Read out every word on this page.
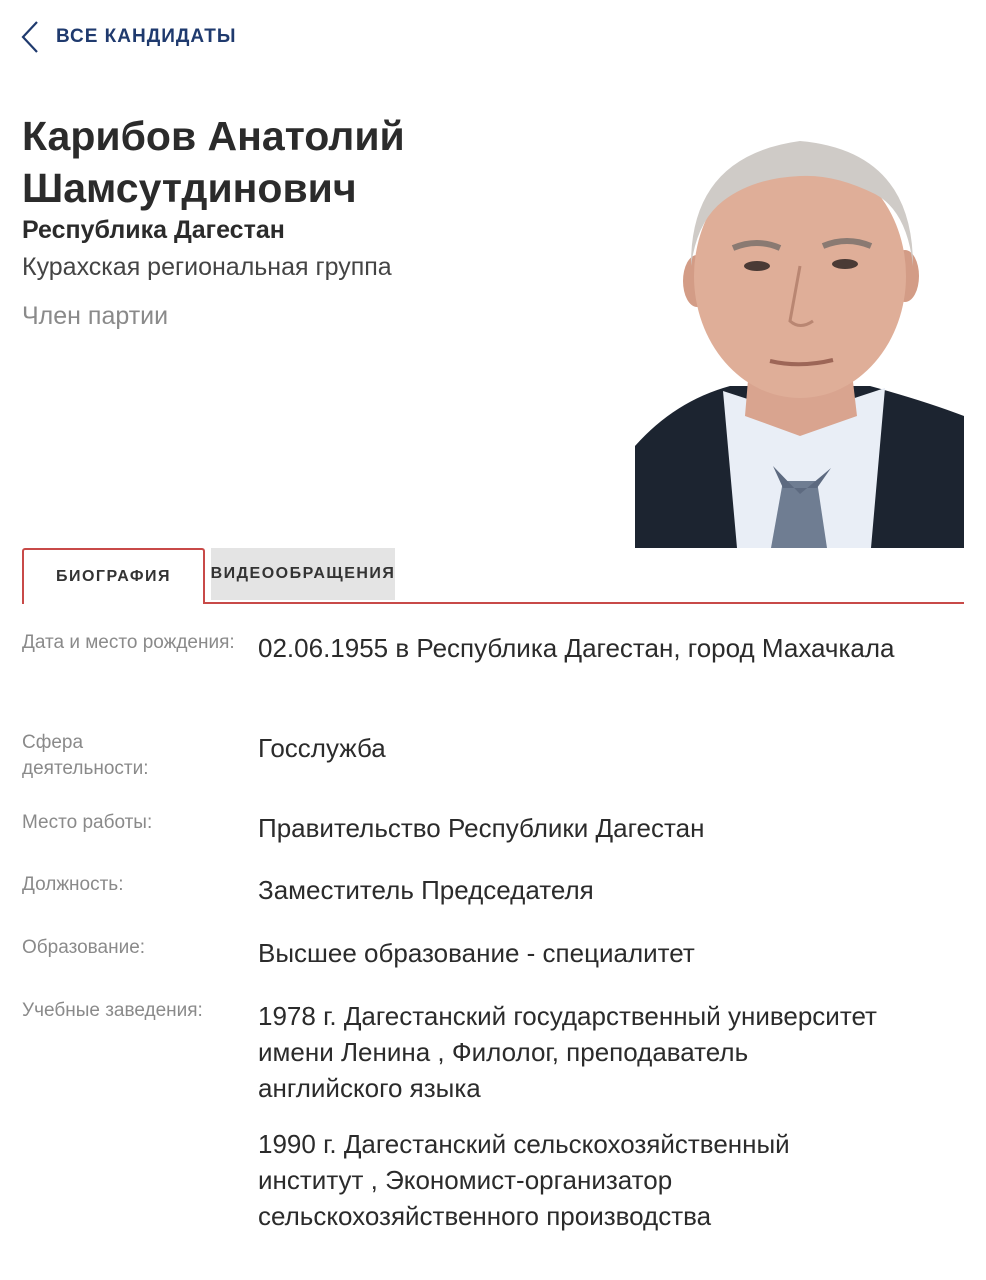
ВСЕ КАНДИДАТЫ
Карибов Анатолий Шамсутдинович
Республика Дагестан
Курахская региональная группа
Член партии
БИОГРАФИЯ	ВИДЕООБРАЩЕНИЯ
Дата и место рождения: 02.06.1955 в Республика Дагестан, город Махачкала
Сфера деятельности:
Госслужба
Место работы:	Правительство Республики Дагестан
Должность:	Заместитель Председателя
Образование:	Высшее образование - специалитет
Учебные заведения:	1978 г. Дагестанский государственный университет имени Ленина , Филолог, преподаватель английского языка
1990 г. Дагестанский сельскохозяйственный институт , Экономист-организатор сельскохозяйственного производства
